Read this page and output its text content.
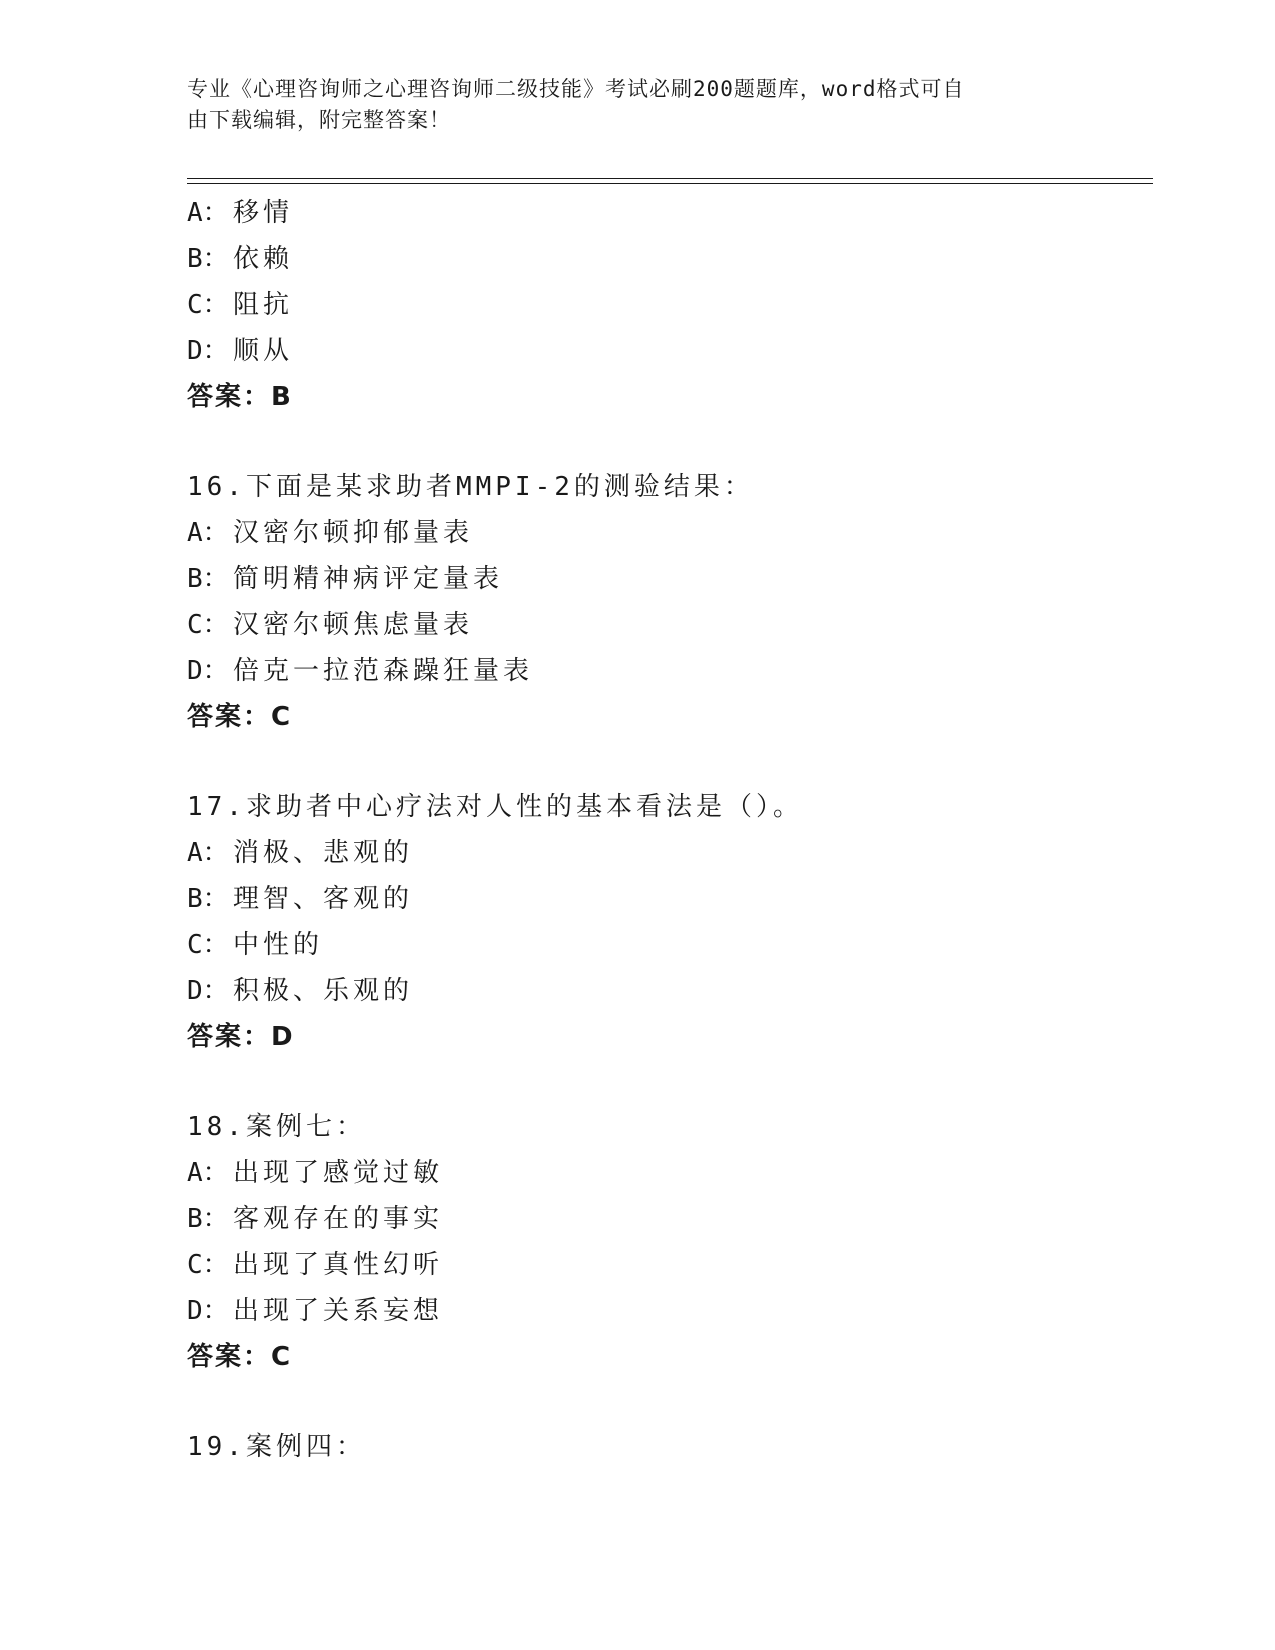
专业《心理咨询师之心理咨询师二级技能》考试必刷200题题库，word格式可自
由下载编辑，附完整答案！
A： 移情
B： 依赖
C： 阻抗
D： 顺从
答案：B
16.下面是某求助者MMPI-2的测验结果：
A： 汉密尔顿抑郁量表
B： 简明精神病评定量表
C： 汉密尔顿焦虑量表
D： 倍克一拉范森躁狂量表
答案：C
17.求助者中心疗法对人性的基本看法是（）。
A： 消极、悲观的
B： 理智、客观的
C： 中性的
D： 积极、乐观的
答案：D
18.案例七：
A： 出现了感觉过敏
B： 客观存在的事实
C： 出现了真性幻听
D： 出现了关系妄想
答案：C
19.案例四：
